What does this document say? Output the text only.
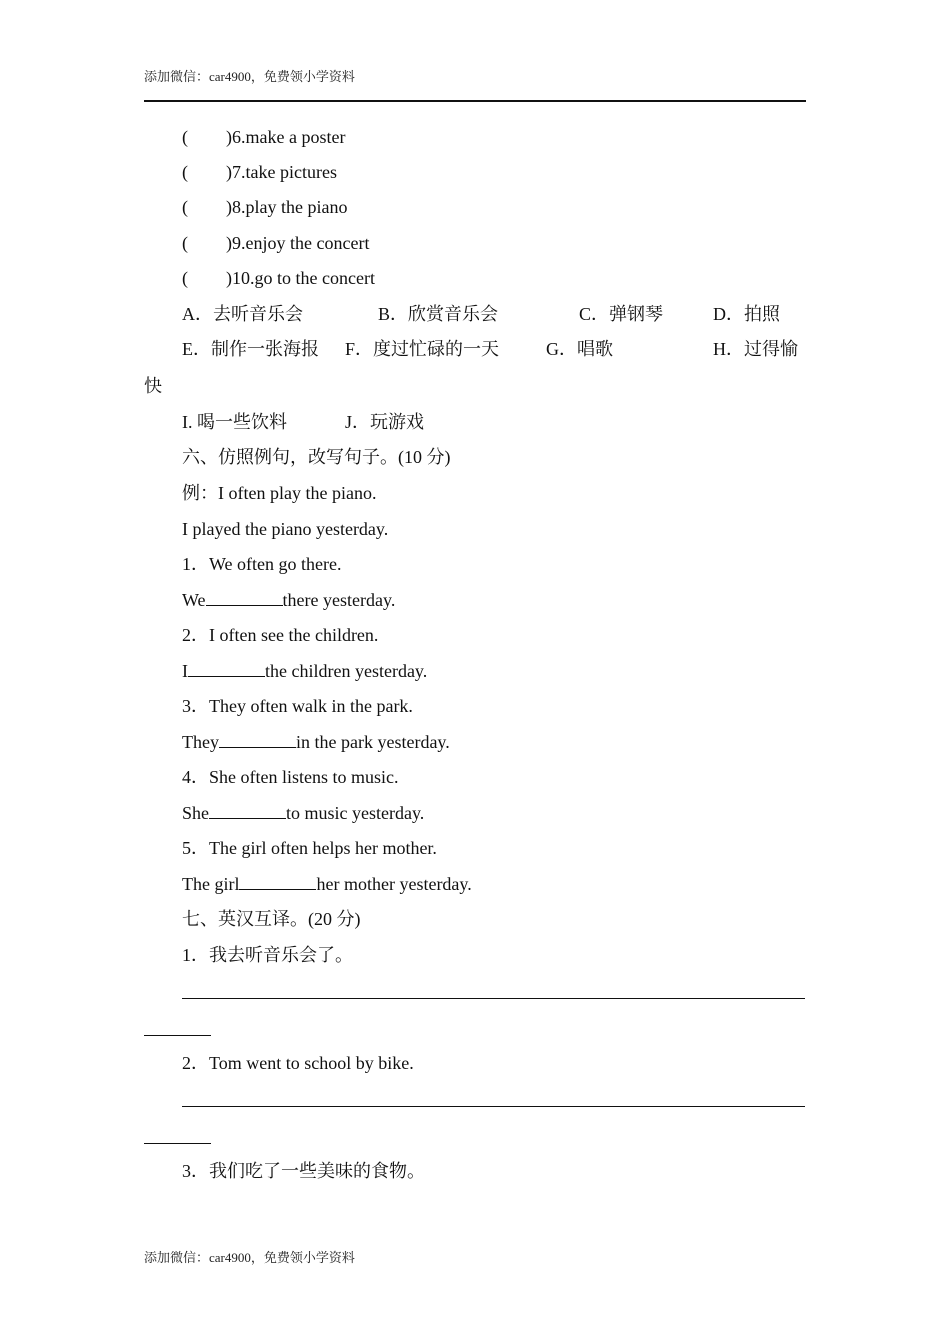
添加微信：car4900，免费领小学资料
( )6.make a poster
( )7.take pictures
( )8.play the piano
( )9.enjoy the concert
( )10.go to the concert
A．去听音乐会	B．欣赏音乐会	C．弹钢琴	D．拍照
E．制作一张海报 F．度过忙碌的一天	G．唱歌	H．过得愉
快
I. 喝一些饮料	J．玩游戏
六、仿照例句，改写句子。(10 分)
例：I often play the piano.
I played the piano yesterday.
1．We often go there.
We	there yesterday.
2．I often see the children.
I	the children yesterday.
3．They often walk in the park.
They	in the park yesterday.
4．She often listens to music.
She	to music yesterday.
5．The girl often helps her mother.
The girl	her mother yesterday.
七、英汉互译。(20 分)
1．我去听音乐会了。
2．Tom went to school by bike.
3．我们吃了一些美味的食物。
添加微信：car4900，免费领小学资料
